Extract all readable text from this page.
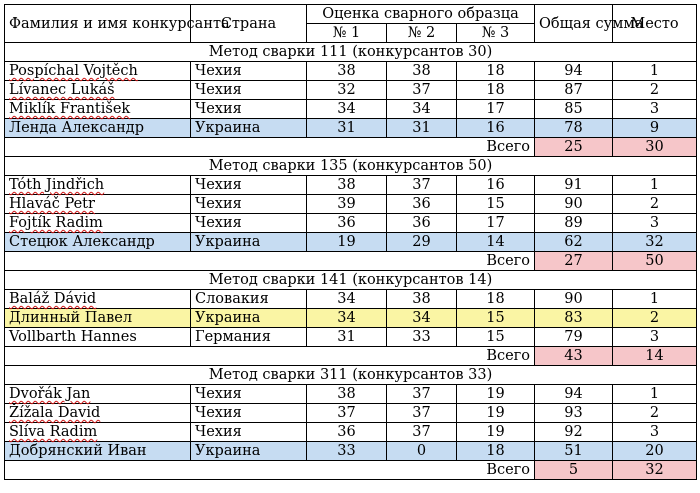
Фамилия и имя конкурсанта	Страна	Оценка сварного образца			Общая сумма	Место
		№ 1	№ 2	№ 3		
Метод сварки 111 (конкурсантов 30)						
Pospíchal Vojtěch	Чехия	38	38	18	94	1
Lívanec Lukáš	Чехия	32	37	18	87	2
Miklík František	Чехия	34	34	17	85	3
Ленда Александр	Украина	31	31	16	78	9
Всего					25	30
Метод сварки 135 (конкурсантов 50)						
Tóth Jindřich	Чехия	38	37	16	91	1
Hlaváč Petr	Чехия	39	36	15	90	2
Fojtík Radim	Чехия	36	36	17	89	3
Стецюк Александр	Украина	19	29	14	62	32
Всего					27	50
Метод сварки 141 (конкурсантов 14)						
Baláž Dávid	Словакия	34	38	18	90	1
Длинный Павел	Украина	34	34	15	83	2
Vollbarth Hannes	Германия	31	33	15	79	3
Всего					43	14
Метод сварки 311 (конкурсантов 33)						
Dvořák Jan	Чехия	38	37	19	94	1
Žížala David	Чехия	37	37	19	93	2
Slíva Radim	Чехия	36	37	19	92	3
Добрянский Иван	Украина	33	0	18	51	20
Всего					5	32
